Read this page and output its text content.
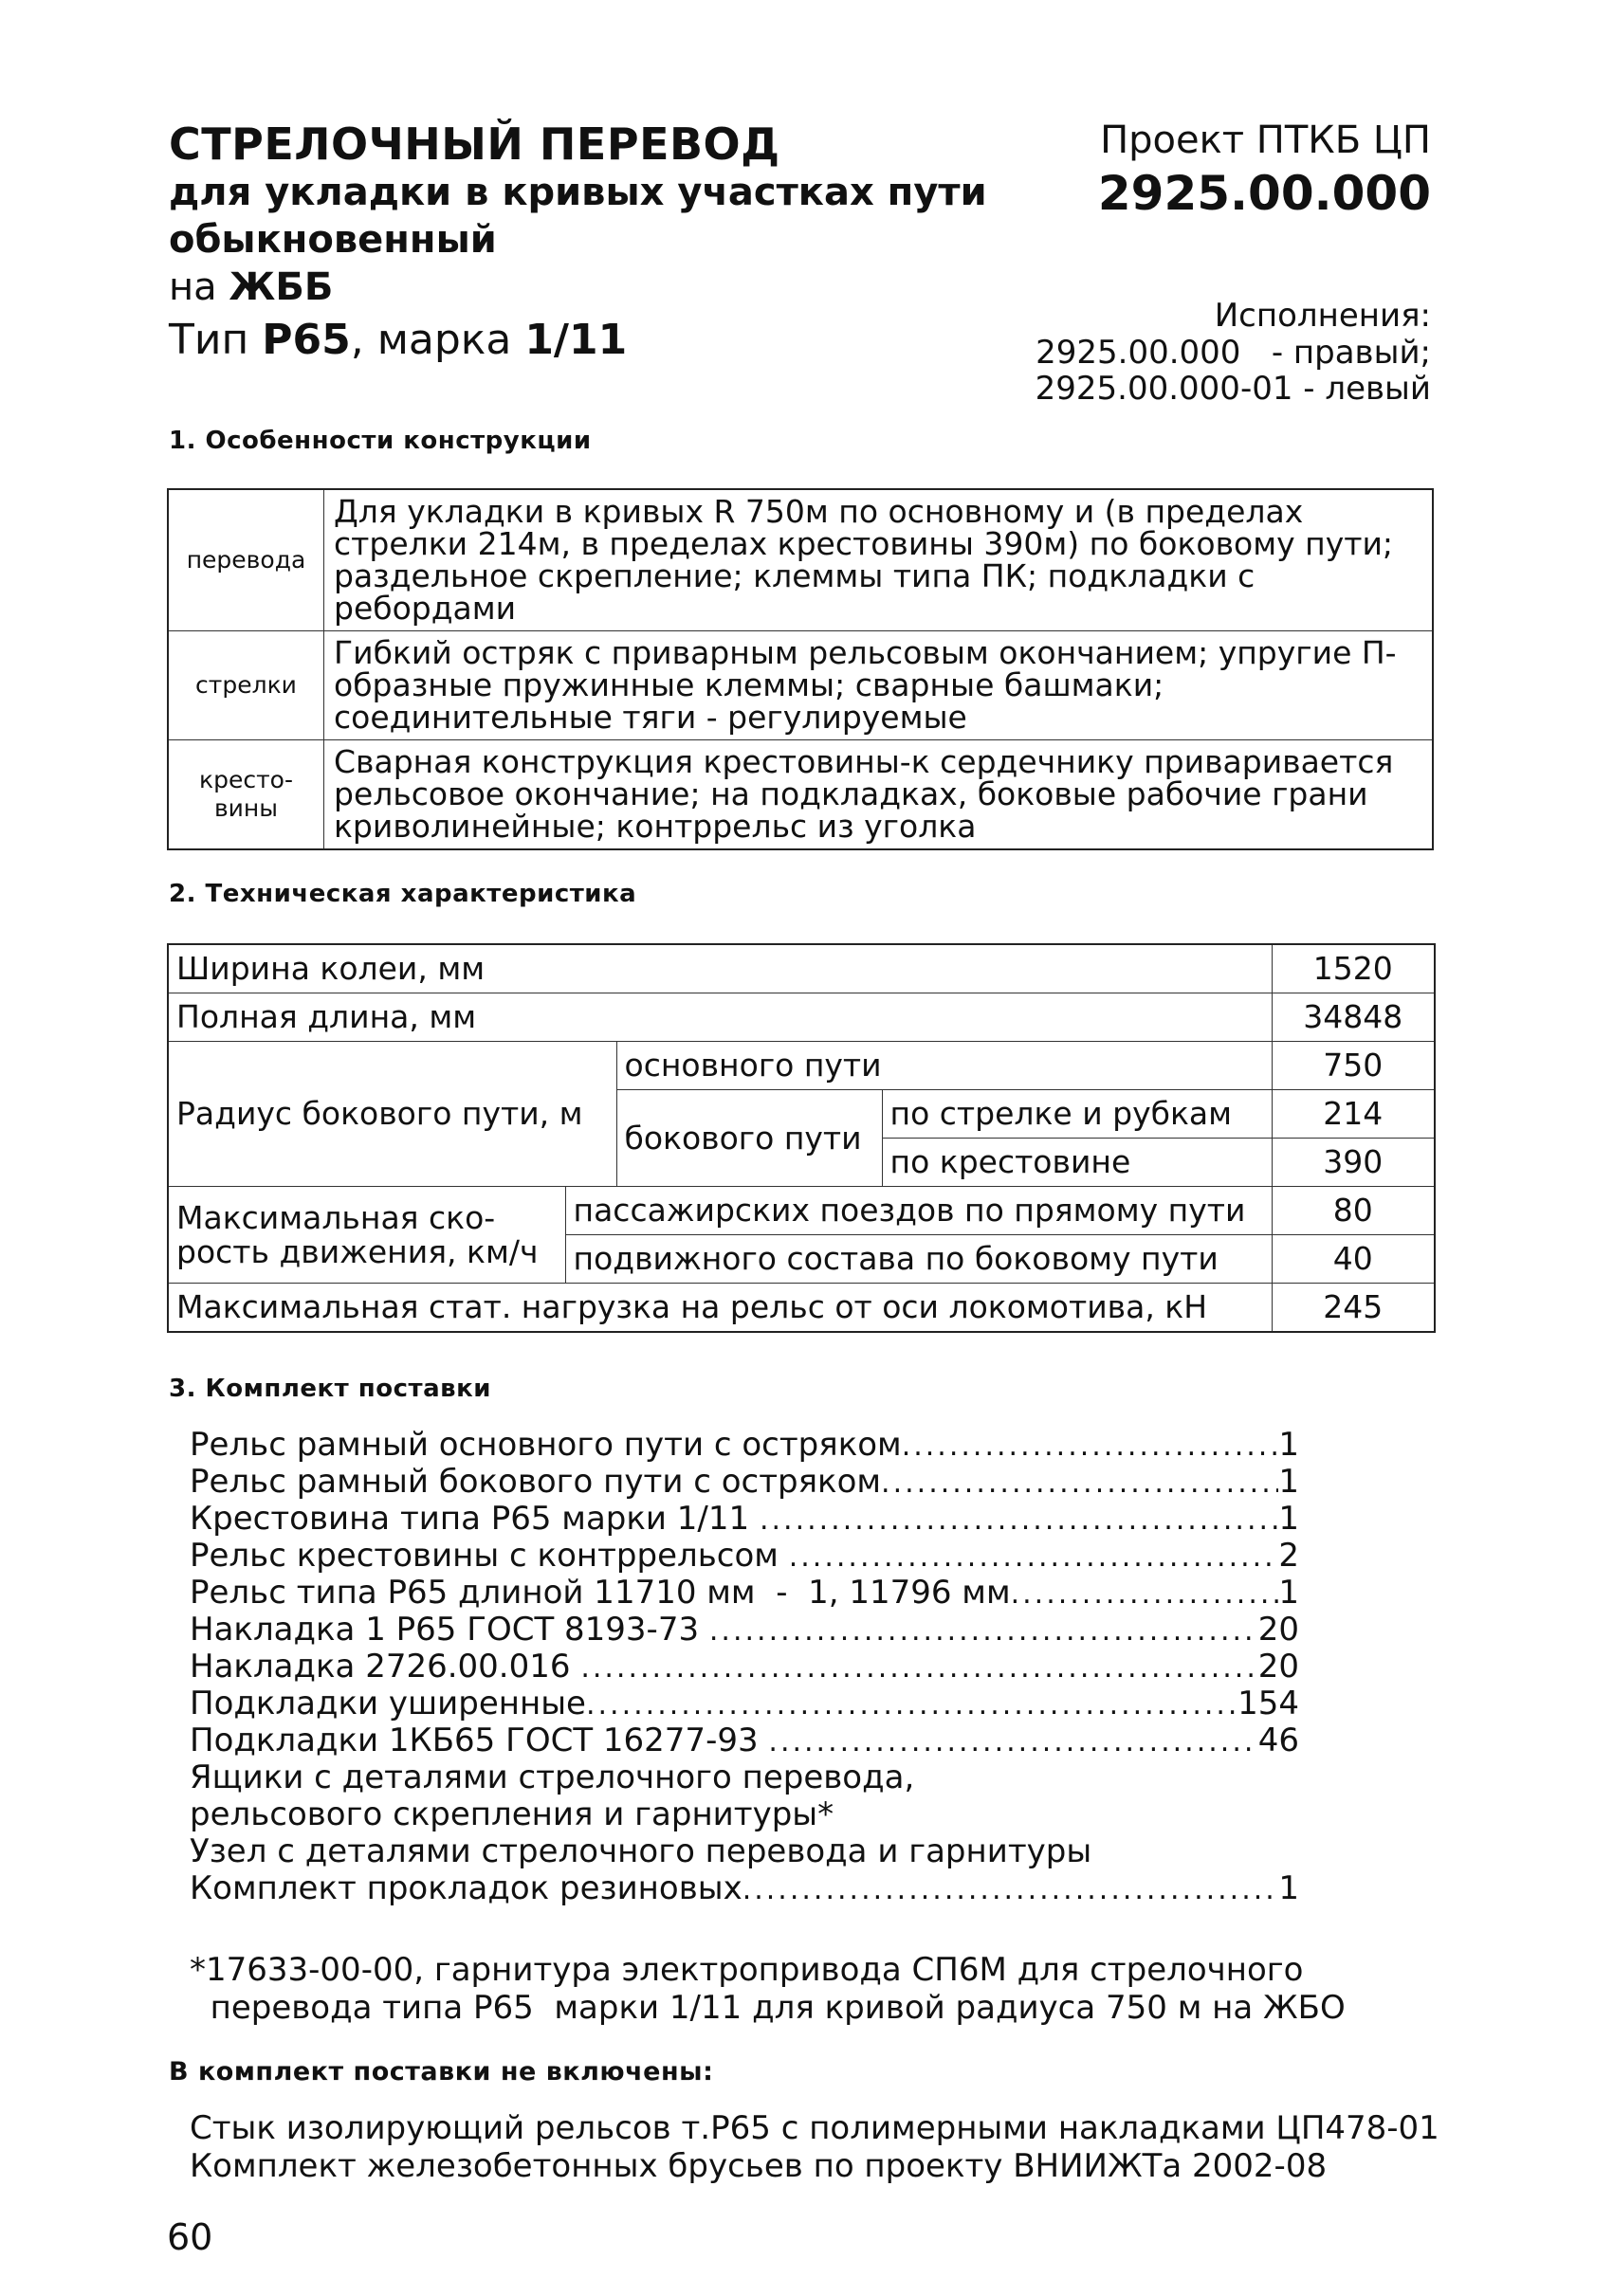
СТРЕЛОЧНЫЙ ПЕРЕВОД
для укладки в кривых участках пути
обыкновенный
на ЖББ
Тип Р65, марка 1/11
Проект ПТКБ ЦП
2925.00.000
Исполнения:
2925.00.000   - правый;
2925.00.000-01 - левый
1. Особенности конструкции
перевода	Для укладки в кривых R 750м по основному и (в пределах стрелки 214м, в пределах крестовины 390м) по боковому пути; раздельное скрепление; клеммы типа ПК; подкладки с ребордами
стрелки	Гибкий остряк с приварным рельсовым окончанием; упругие П-образные пружинные клеммы; сварные башмаки; соединительные тяги - регулируемые
кресто-
вины	Сварная конструкция крестовины-к сердечнику приваривается рельсовое окончание; на подкладках, боковые рабочие грани криволинейные; контррельс из уголка
2. Техническая характеристика
Ширина колеи, мм				1520
Полная длина, мм				34848
Радиус бокового пути, м		основного пути		750
		бокового пути	по стрелке и рубкам	214
			по крестовине	390
Максимальная ско-
рость движения, км/ч	пассажирских поездов по прямому пути			80
	подвижного состава по боковому пути			40
Максимальная стат. нагрузка на рельс от оси локомотива, кН				245
3. Комплект поставки
Рельс рамный основного пути с остряком .....	1
Рельс рамный бокового пути с остряком .....	1
Крестовина типа Р65 марки 1/11 .....	1
Рельс крестовины с контррельсом .....	2
Рельс типа Р65 длиной 11710 мм  -  1, 11796 мм .....	1
Накладка 1 Р65 ГОСТ 8193-73 .....	20
Накладка 2726.00.016 .....	20
Подкладки уширенные .....	154
Подкладки 1КБ65 ГОСТ 16277-93 .....	46
Ящики с деталями стрелочного перевода,
рельсового скрепления и гарнитуры*
Узел с деталями стрелочного перевода и гарнитуры
Комплект прокладок резиновых .....	1
*17633-00-00, гарнитура электропривода СП6М для стрелочного
перевода типа Р65  марки 1/11 для кривой радиуса 750 м на ЖБО
В комплект поставки не включены:
Стык изолирующий рельсов т.Р65 с полимерными накладками ЦП478-01
Комплект железобетонных брусьев по проекту ВНИИЖТа 2002-08
60
